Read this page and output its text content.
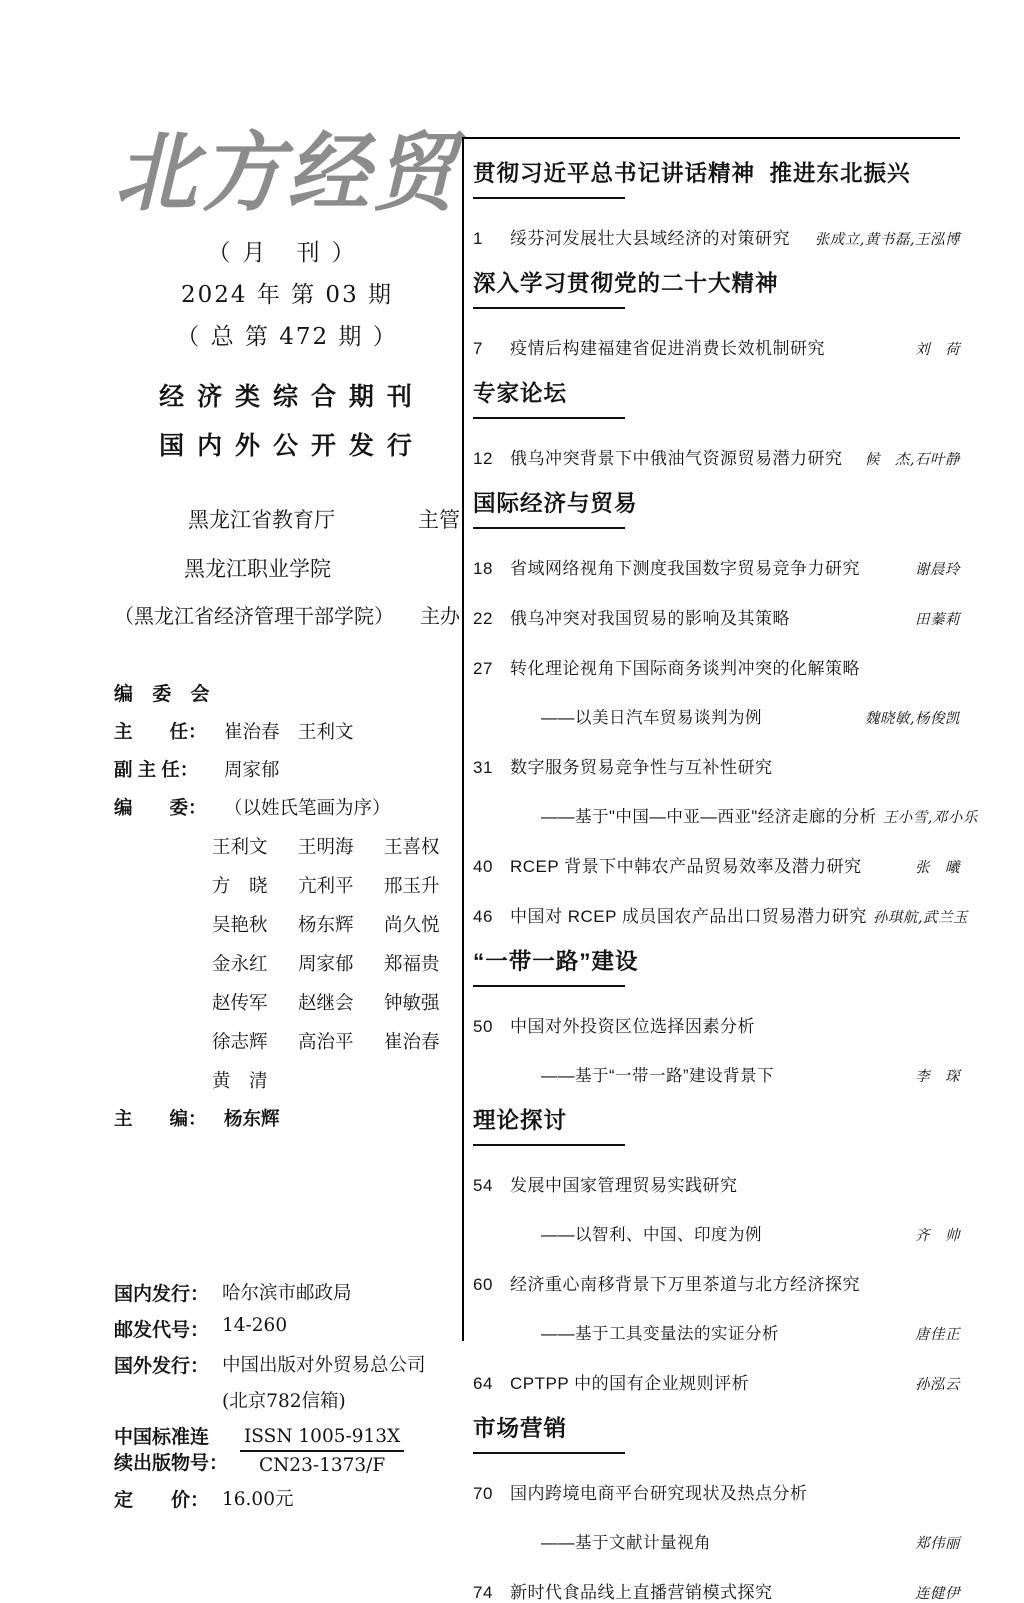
北方经贸
（月 刊）
2024 年 第 03 期
（ 总 第 472 期 ）
经 济 类 综 合 期 刊
国 内 外 公 开 发 行
黑龙江省教育厅	主管
黑龙江职业学院
（黑龙江省经济管理干部学院） 主办
编 委 会
主　　任： 崔治春　王利文
副 主 任：	周家郁
编　　委： （以姓氏笔画为序）
王利文	王明海	王喜权
方　晓	亢利平	邢玉升
吴艳秋	杨东辉	尚久悦
金永红	周家郁	郑福贵
赵传军	赵继会	钟敏强
徐志辉	高治平	崔治春
黄　清
主　　编： 杨东辉
国内发行： 哈尔滨市邮政局
邮发代号： 14-260
国外发行： 中国出版对外贸易总公司
(北京782信箱)
中国标准连
续出版物号：
ISSN 1005-913X
CN23-1373/F
定　　价： 16.00元
贯彻习近平总书记讲话精神  推进东北振兴
1	绥芬河发展壮大县域经济的对策研究	张成立,黄书磊,王泓博
深入学习贯彻党的二十大精神
7	疫情后构建福建省促进消费长效机制研究	刘　荷
专家论坛
12	俄乌冲突背景下中俄油气资源贸易潜力研究	候　杰,石叶静
国际经济与贸易
18	省域网络视角下测度我国数字贸易竞争力研究	谢晨玲
22	俄乌冲突对我国贸易的影响及其策略	田蓁莉
27	转化理论视角下国际商务谈判冲突的化解策略
——以美日汽车贸易谈判为例	魏晓敏,杨俊凯
31	数字服务贸易竞争性与互补性研究
——基于"中国—中亚—西亚"经济走廊的分析 王小雪,邓小乐
40	RCEP 背景下中韩农产品贸易效率及潜力研究	张　曦
46	中国对 RCEP 成员国农产品出口贸易潜力研究 孙琪航,武兰玉
“一带一路”建设
50	中国对外投资区位选择因素分析
——基于“一带一路”建设背景下	李　琛
理论探讨
54	发展中国家管理贸易实践研究
——以智利、中国、印度为例	齐　帅
60	经济重心南移背景下万里茶道与北方经济探究
——基于工具变量法的实证分析	唐佳正
64	CPTPP 中的国有企业规则评析	孙泓云
市场营销
70	国内跨境电商平台研究现状及热点分析
——基于文献计量视角	郑伟丽
74	新时代食品线上直播营销模式探究	连健伊
